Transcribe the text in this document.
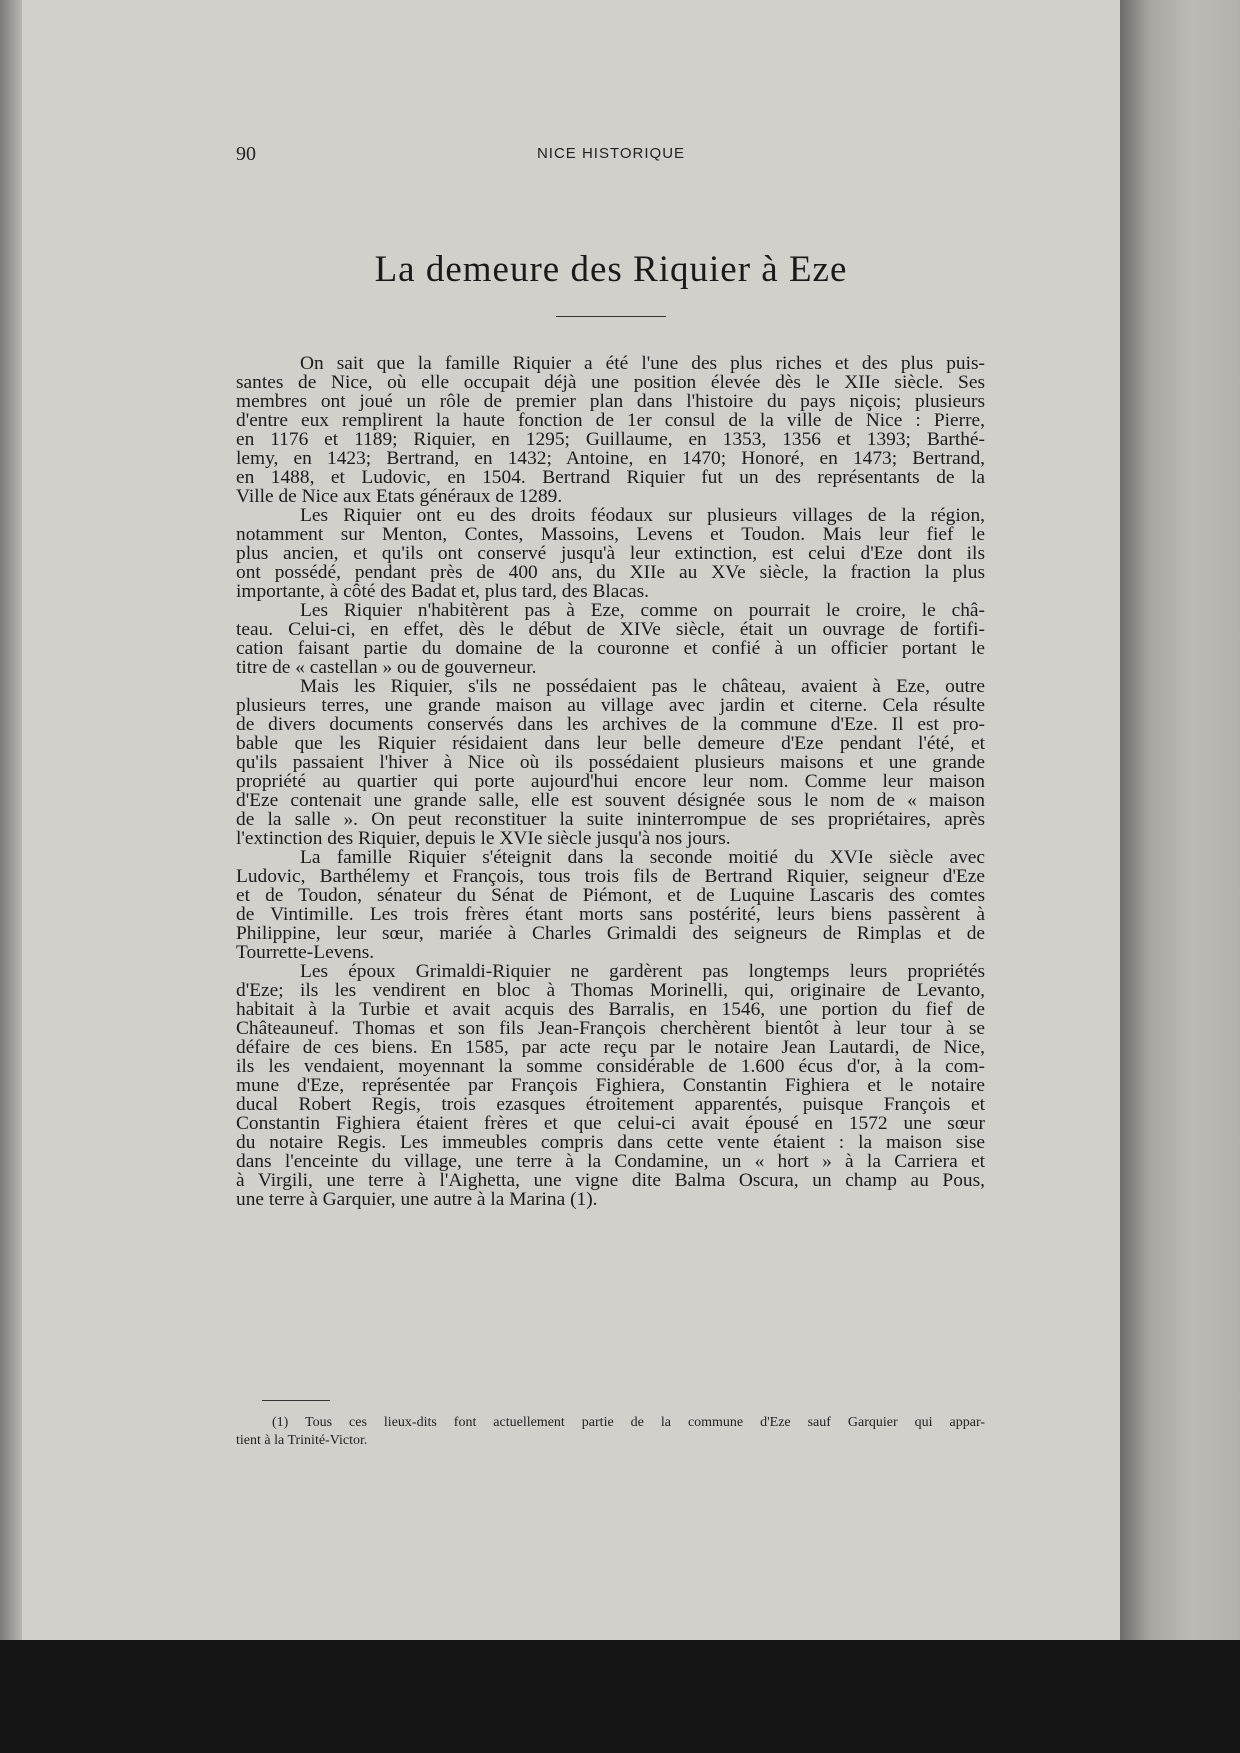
90	NICE HISTORIQUE
La demeure des Riquier à Eze

On sait que la famille Riquier a été l'une des plus riches et des plus puis-

santes de Nice, où elle occupait déjà une position élevée dès le XIIe siècle. Ses

membres ont joué un rôle de premier plan dans l'histoire du pays niçois; plusieurs

d'entre eux remplirent la haute fonction de 1er consul de la ville de Nice : Pierre,

en 1176 et 1189; Riquier, en 1295; Guillaume, en 1353, 1356 et 1393; Barthé-

lemy, en 1423; Bertrand, en 1432; Antoine, en 1470; Honoré, en 1473; Bertrand,

en 1488, et Ludovic, en 1504. Bertrand Riquier fut un des représentants de la

Ville de Nice aux Etats généraux de 1289.

Les Riquier ont eu des droits féodaux sur plusieurs villages de la région,

notamment sur Menton, Contes, Massoins, Levens et Toudon. Mais leur fief le

plus ancien, et qu'ils ont conservé jusqu'à leur extinction, est celui d'Eze dont ils

ont possédé, pendant près de 400 ans, du XIIe au XVe siècle, la fraction la plus

importante, à côté des Badat et, plus tard, des Blacas.

Les Riquier n'habitèrent pas à Eze, comme on pourrait le croire, le châ-

teau. Celui-ci, en effet, dès le début de XIVe siècle, était un ouvrage de fortifi-

cation faisant partie du domaine de la couronne et confié à un officier portant le

titre de « castellan » ou de gouverneur.

Mais les Riquier, s'ils ne possédaient pas le château, avaient à Eze, outre

plusieurs terres, une grande maison au village avec jardin et citerne. Cela résulte

de divers documents conservés dans les archives de la commune d'Eze. Il est pro-

bable que les Riquier résidaient dans leur belle demeure d'Eze pendant l'été, et

qu'ils passaient l'hiver à Nice où ils possédaient plusieurs maisons et une grande

propriété au quartier qui porte aujourd'hui encore leur nom. Comme leur maison

d'Eze contenait une grande salle, elle est souvent désignée sous le nom de « maison

de la salle ». On peut reconstituer la suite ininterrompue de ses propriétaires, après

l'extinction des Riquier, depuis le XVIe siècle jusqu'à nos jours.

La famille Riquier s'éteignit dans la seconde moitié du XVIe siècle avec

Ludovic, Barthélemy et François, tous trois fils de Bertrand Riquier, seigneur d'Eze

et de Toudon, sénateur du Sénat de Piémont, et de Luquine Lascaris des comtes

de Vintimille. Les trois frères étant morts sans postérité, leurs biens passèrent à

Philippine, leur sœur, mariée à Charles Grimaldi des seigneurs de Rimplas et de

Tourrette-Levens.

Les époux Grimaldi-Riquier ne gardèrent pas longtemps leurs propriétés

d'Eze; ils les vendirent en bloc à Thomas Morinelli, qui, originaire de Levanto,

habitait à la Turbie et avait acquis des Barralis, en 1546, une portion du fief de

Châteauneuf. Thomas et son fils Jean-François cherchèrent bientôt à leur tour à se

défaire de ces biens. En 1585, par acte reçu par le notaire Jean Lautardi, de Nice,

ils les vendaient, moyennant la somme considérable de 1.600 écus d'or, à la com-

mune d'Eze, représentée par François Fighiera, Constantin Fighiera et le notaire

ducal Robert Regis, trois ezasques étroitement apparentés, puisque François et

Constantin Fighiera étaient frères et que celui-ci avait épousé en 1572 une sœur

du notaire Regis. Les immeubles compris dans cette vente étaient : la maison sise

dans l'enceinte du village, une terre à la Condamine, un « hort » à la Carriera et

à Virgili, une terre à l'Aighetta, une vigne dite Balma Oscura, un champ au Pous,

une terre à Garquier, une autre à la Marina (1).

(1) Tous ces lieux-dits font actuellement partie de la commune d'Eze sauf Garquier qui appar-

tient à la Trinité-Victor.
